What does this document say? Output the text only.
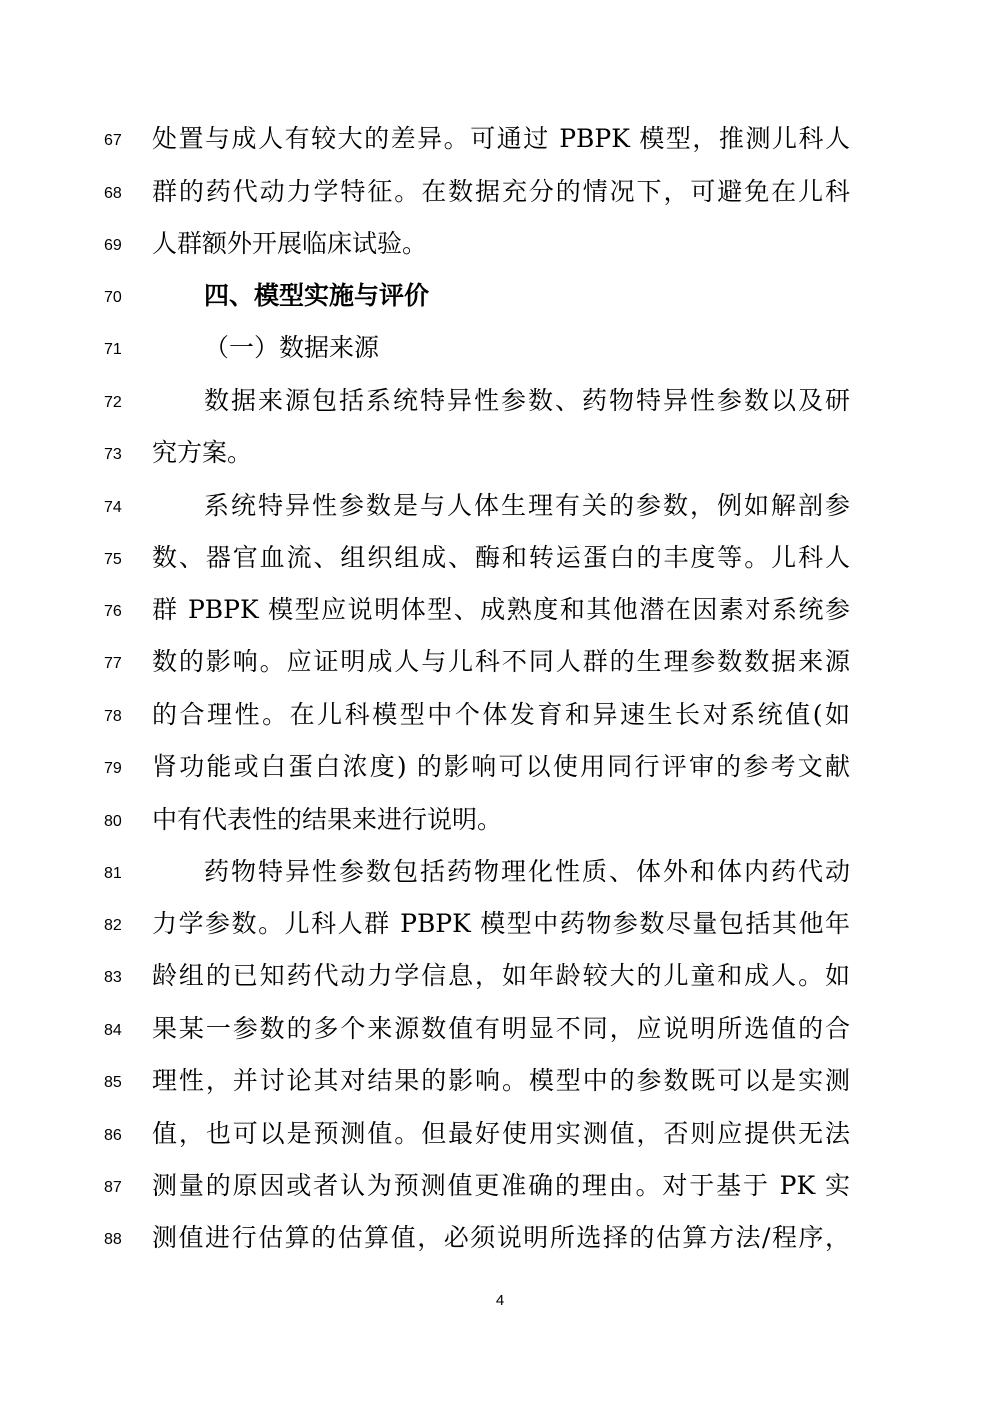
67 处置与成人有较大的差异。可通过 PBPK 模型，推测儿科人
68 群的药代动力学特征。在数据充分的情况下，可避免在儿科
69 人群额外开展临床试验。
70	四、模型实施与评价
71	（一）数据来源
72	数据来源包括系统特异性参数、药物特异性参数以及研
73 究方案。
74	系统特异性参数是与人体生理有关的参数，例如解剖参
75 数、器官血流、组织组成、酶和转运蛋白的丰度等。儿科人
76 群 PBPK 模型应说明体型、成熟度和其他潜在因素对系统参
77 数的影响。应证明成人与儿科不同人群的生理参数数据来源
78 的合理性。在儿科模型中个体发育和异速生长对系统值(如
79 肾功能或白蛋白浓度) 的影响可以使用同行评审的参考文献
80 中有代表性的结果来进行说明。
81	药物特异性参数包括药物理化性质、体外和体内药代动
82 力学参数。儿科人群 PBPK 模型中药物参数尽量包括其他年
83 龄组的已知药代动力学信息，如年龄较大的儿童和成人。如
84 果某一参数的多个来源数值有明显不同，应说明所选值的合
85 理性，并讨论其对结果的影响。模型中的参数既可以是实测
86 值，也可以是预测值。但最好使用实测值，否则应提供无法
87 测量的原因或者认为预测值更准确的理由。对于基于 PK 实
88 测值进行估算的估算值，必须说明所选择的估算方法/程序，
4
